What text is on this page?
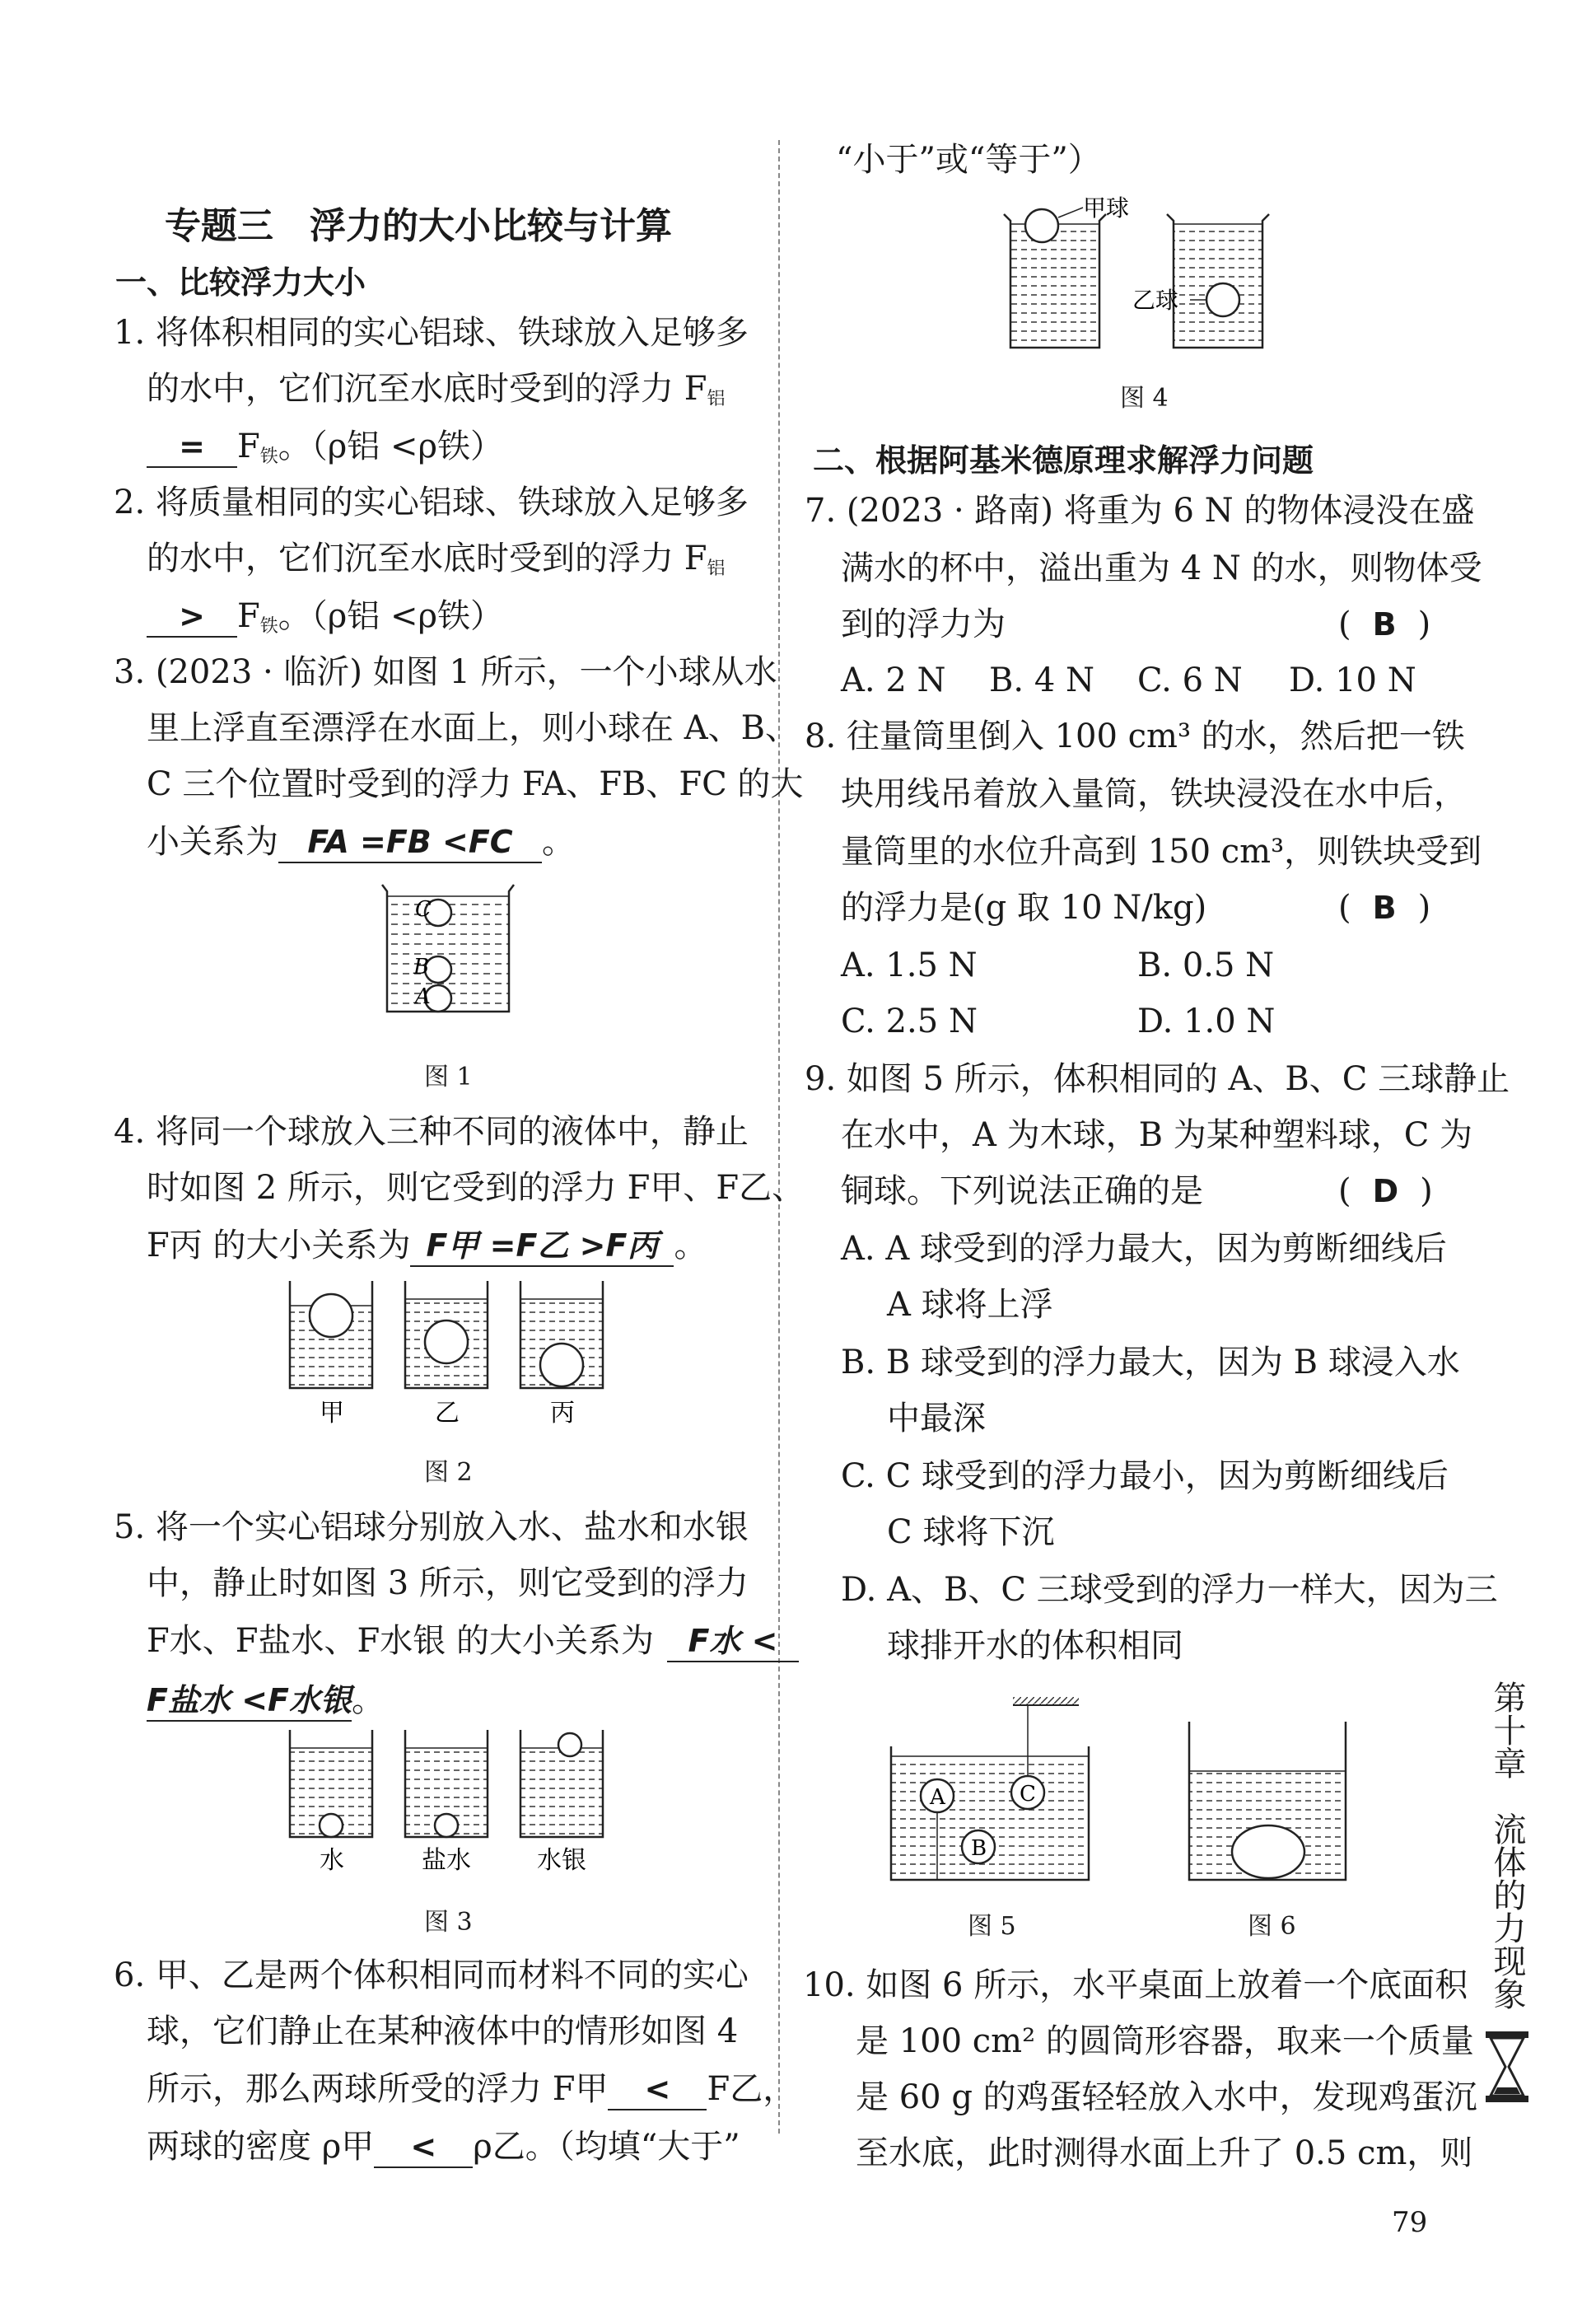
专题三　浮力的大小比较与计算
一、比较浮力大小
1. 将体积相同的实心铝球、铁球放入足够多
的水中，它们沉至水底时受到的浮力 $F_铝$
= $F_铁$。（ρ铝 <ρ铁）
2. 将质量相同的实心铝球、铁球放入足够多
的水中，它们沉至水底时受到的浮力 $F_铝$
> $F_铁$。（ρ铝 <ρ铁）
3. (2023 · 临沂) 如图 1 所示，一个小球从水
里上浮直至漂浮在水面上，则小球在 A、B、
C 三个位置时受到的浮力 FA、FB、FC 的大
小关系为 FA =FB <FC 。
C
B
A
图 1
4. 将同一个球放入三种不同的液体中，静止
时如图 2 所示，则它受到的浮力 F甲、F乙、
F丙 的大小关系为 F甲 =F乙 >F丙 。
甲	乙	丙
图 2
5. 将一个实心铝球分别放入水、盐水和水银
中，静止时如图 3 所示，则它受到的浮力
F水、F盐水、F水银 的大小关系为 F水 <
F盐水 <F水银。
水	盐水	水银
图 3
6. 甲、乙是两个体积相同而材料不同的实心
球，它们静止在某种液体中的情形如图 4
所示，那么两球所受的浮力 F甲 < F乙，
两球的密度 ρ甲 < ρ乙。（均填“大于”
“小于”或“等于”）
甲球
乙球
图 4
二、根据阿基米德原理求解浮力问题
7. (2023 · 路南) 将重为 6 N 的物体浸没在盛
满水的杯中，溢出重为 4 N 的水，则物体受
到的浮力为	( B )
A. 2 N B. 4 N C. 6 N D. 10 N
8. 往量筒里倒入 100 cm³ 的水，然后把一铁
块用线吊着放入量筒，铁块浸没在水中后，
量筒里的水位升高到 150 cm³，则铁块受到
的浮力是(g 取 10 N/kg)	( B )
A. 1.5 N	B. 0.5 N
C. 2.5 N	D. 1.0 N
9. 如图 5 所示，体积相同的 A、B、C 三球静止
在水中，A 为木球，B 为某种塑料球，C 为
铜球。下列说法正确的是	( D )
A. A 球受到的浮力最大，因为剪断细线后
A 球将上浮
B. B 球受到的浮力最大，因为 B 球浸入水
中最深
C. C 球受到的浮力最小，因为剪断细线后
C 球将下沉
D. A、B、C 三球受到的浮力一样大，因为三
球排开水的体积相同
A	C
B
图 5	图 6
10. 如图 6 所示，水平桌面上放着一个底面积
是 100 cm² 的圆筒形容器，取来一个质量
是 60 g 的鸡蛋轻轻放入水中，发现鸡蛋沉
至水底，此时测得水面上升了 0.5 cm，则
第十章
流体的力现象
79
